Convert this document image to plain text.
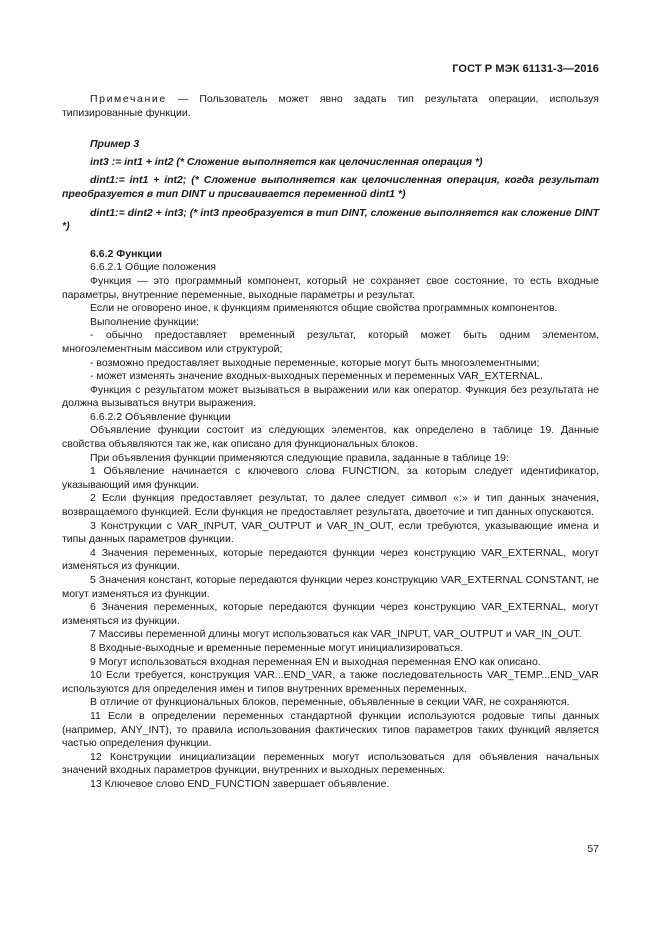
ГОСТ Р МЭК 61131-3—2016

Примечание — Пользователь может явно задать тип результата операции, используя типизированные функции.

Пример 3

int3 := int1 + int2 (* Сложение выполняется как целочисленная операция *)

dint1:= int1 + int2; (* Сложение выполняется как целочисленная операция, когда результат преобразуется в тип DINT и присваивается переменной dint1 *)

dint1:= dint2 + int3; (* int3 преобразуется в тип DINT, сложение выполняется как сложение DINT *)

6.6.2 Функции

6.6.2.1 Общие положения

Функция — это программный компонент, который не сохраняет свое состояние, то есть входные параметры, внутренние переменные, выходные параметры и результат.

Если не оговорено иное, к функциям применяются общие свойства программных компонентов.

Выполнение функции:

- обычно предоставляет временный результат, который может быть одним элементом, многоэлементным массивом или структурой;

- возможно предоставляет выходные переменные, которые могут быть многоэлементными;

- может изменять значение входных-выходных переменных и переменных VAR_EXTERNAL.

Функция с результатом может вызываться в выражении или как оператор. Функция без результата не должна вызываться внутри выражения.

6.6.2.2 Объявление функции

Объявление функции состоит из следующих элементов, как определено в таблице 19. Данные свойства объявляются так же, как описано для функциональных блоков.

При объявления функции применяются следующие правила, заданные в таблице 19:

1 Объявление начинается с ключевого слова FUNCTION, за которым следует идентификатор, указывающий имя функции.

2 Если функция предоставляет результат, то далее следует символ «:» и тип данных значения, возвращаемого функцией. Если функция не предоставляет результата, двоеточие и тип данных опускаются.

3 Конструкции с VAR_INPUT, VAR_OUTPUT и VAR_IN_OUT, если требуются, указывающие имена и типы данных параметров функции.

4 Значения переменных, которые передаются функции через конструкцию VAR_EXTERNAL, могут изменяться из функции.

5 Значения констант, которые передаются функции через конструкцию VAR_EXTERNAL CONSTANT, не могут изменяться из функции.

6 Значения переменных, которые передаются функции через конструкцию VAR_EXTERNAL, могут изменяться из функции.

7 Массивы переменной длины могут использоваться как VAR_INPUT, VAR_OUTPUT и VAR_IN_OUT.

8 Входные-выходные и временные переменные могут инициализироваться.

9 Могут использоваться входная переменная EN и выходная переменная ENO как описано.

10 Если требуется, конструкция VAR...END_VAR, а также последовательность VAR_TEMP...END_VAR используются для определения имен и типов внутренних временных переменных.

В отличие от функциональных блоков, переменные, объявленные в секции VAR, не сохраняются.

11 Если в определении переменных стандартной функции используются родовые типы данных (например, ANY_INT), то правила использования фактических типов параметров таких функций является частью определения функции.

12 Конструкции инициализации переменных могут использоваться для объявления начальных значений входных параметров функции, внутренних и выходных переменных.

13 Ключевое слово END_FUNCTION завершает объявление.

57
